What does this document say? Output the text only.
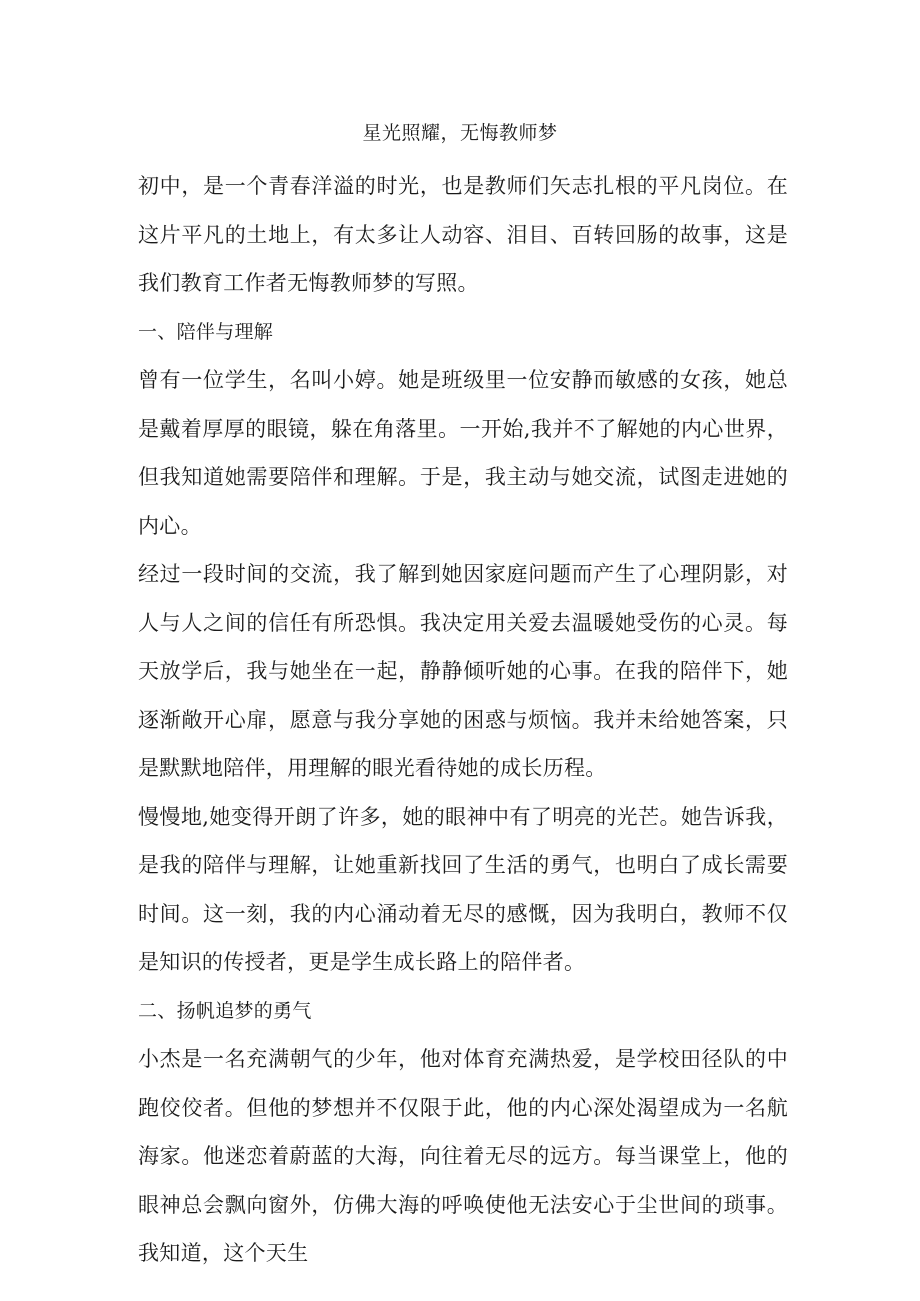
星光照耀，无悔教师梦

初中，是一个青春洋溢的时光，也是教师们矢志扎根的平凡岗位。在这片平凡的土地上，有太多让人动容、泪目、百转回肠的故事，这是我们教育工作者无悔教师梦的写照。

一、陪伴与理解

曾有一位学生，名叫小婷。她是班级里一位安静而敏感的女孩，她总是戴着厚厚的眼镜，躲在角落里。一开始,我并不了解她的内心世界，但我知道她需要陪伴和理解。于是，我主动与她交流，试图走进她的内心。

经过一段时间的交流，我了解到她因家庭问题而产生了心理阴影，对人与人之间的信任有所恐惧。我决定用关爱去温暖她受伤的心灵。每天放学后，我与她坐在一起，静静倾听她的心事。在我的陪伴下，她逐渐敞开心扉，愿意与我分享她的困惑与烦恼。我并未给她答案，只是默默地陪伴，用理解的眼光看待她的成长历程。

慢慢地,她变得开朗了许多，她的眼神中有了明亮的光芒。她告诉我，是我的陪伴与理解，让她重新找回了生活的勇气，也明白了成长需要时间。这一刻，我的内心涌动着无尽的感慨，因为我明白，教师不仅是知识的传授者，更是学生成长路上的陪伴者。

二、扬帆追梦的勇气

小杰是一名充满朝气的少年，他对体育充满热爱，是学校田径队的中跑佼佼者。但他的梦想并不仅限于此，他的内心深处渴望成为一名航海家。他迷恋着蔚蓝的大海，向往着无尽的远方。每当课堂上，他的眼神总会飘向窗外，仿佛大海的呼唤使他无法安心于尘世间的琐事。我知道，这个天生
